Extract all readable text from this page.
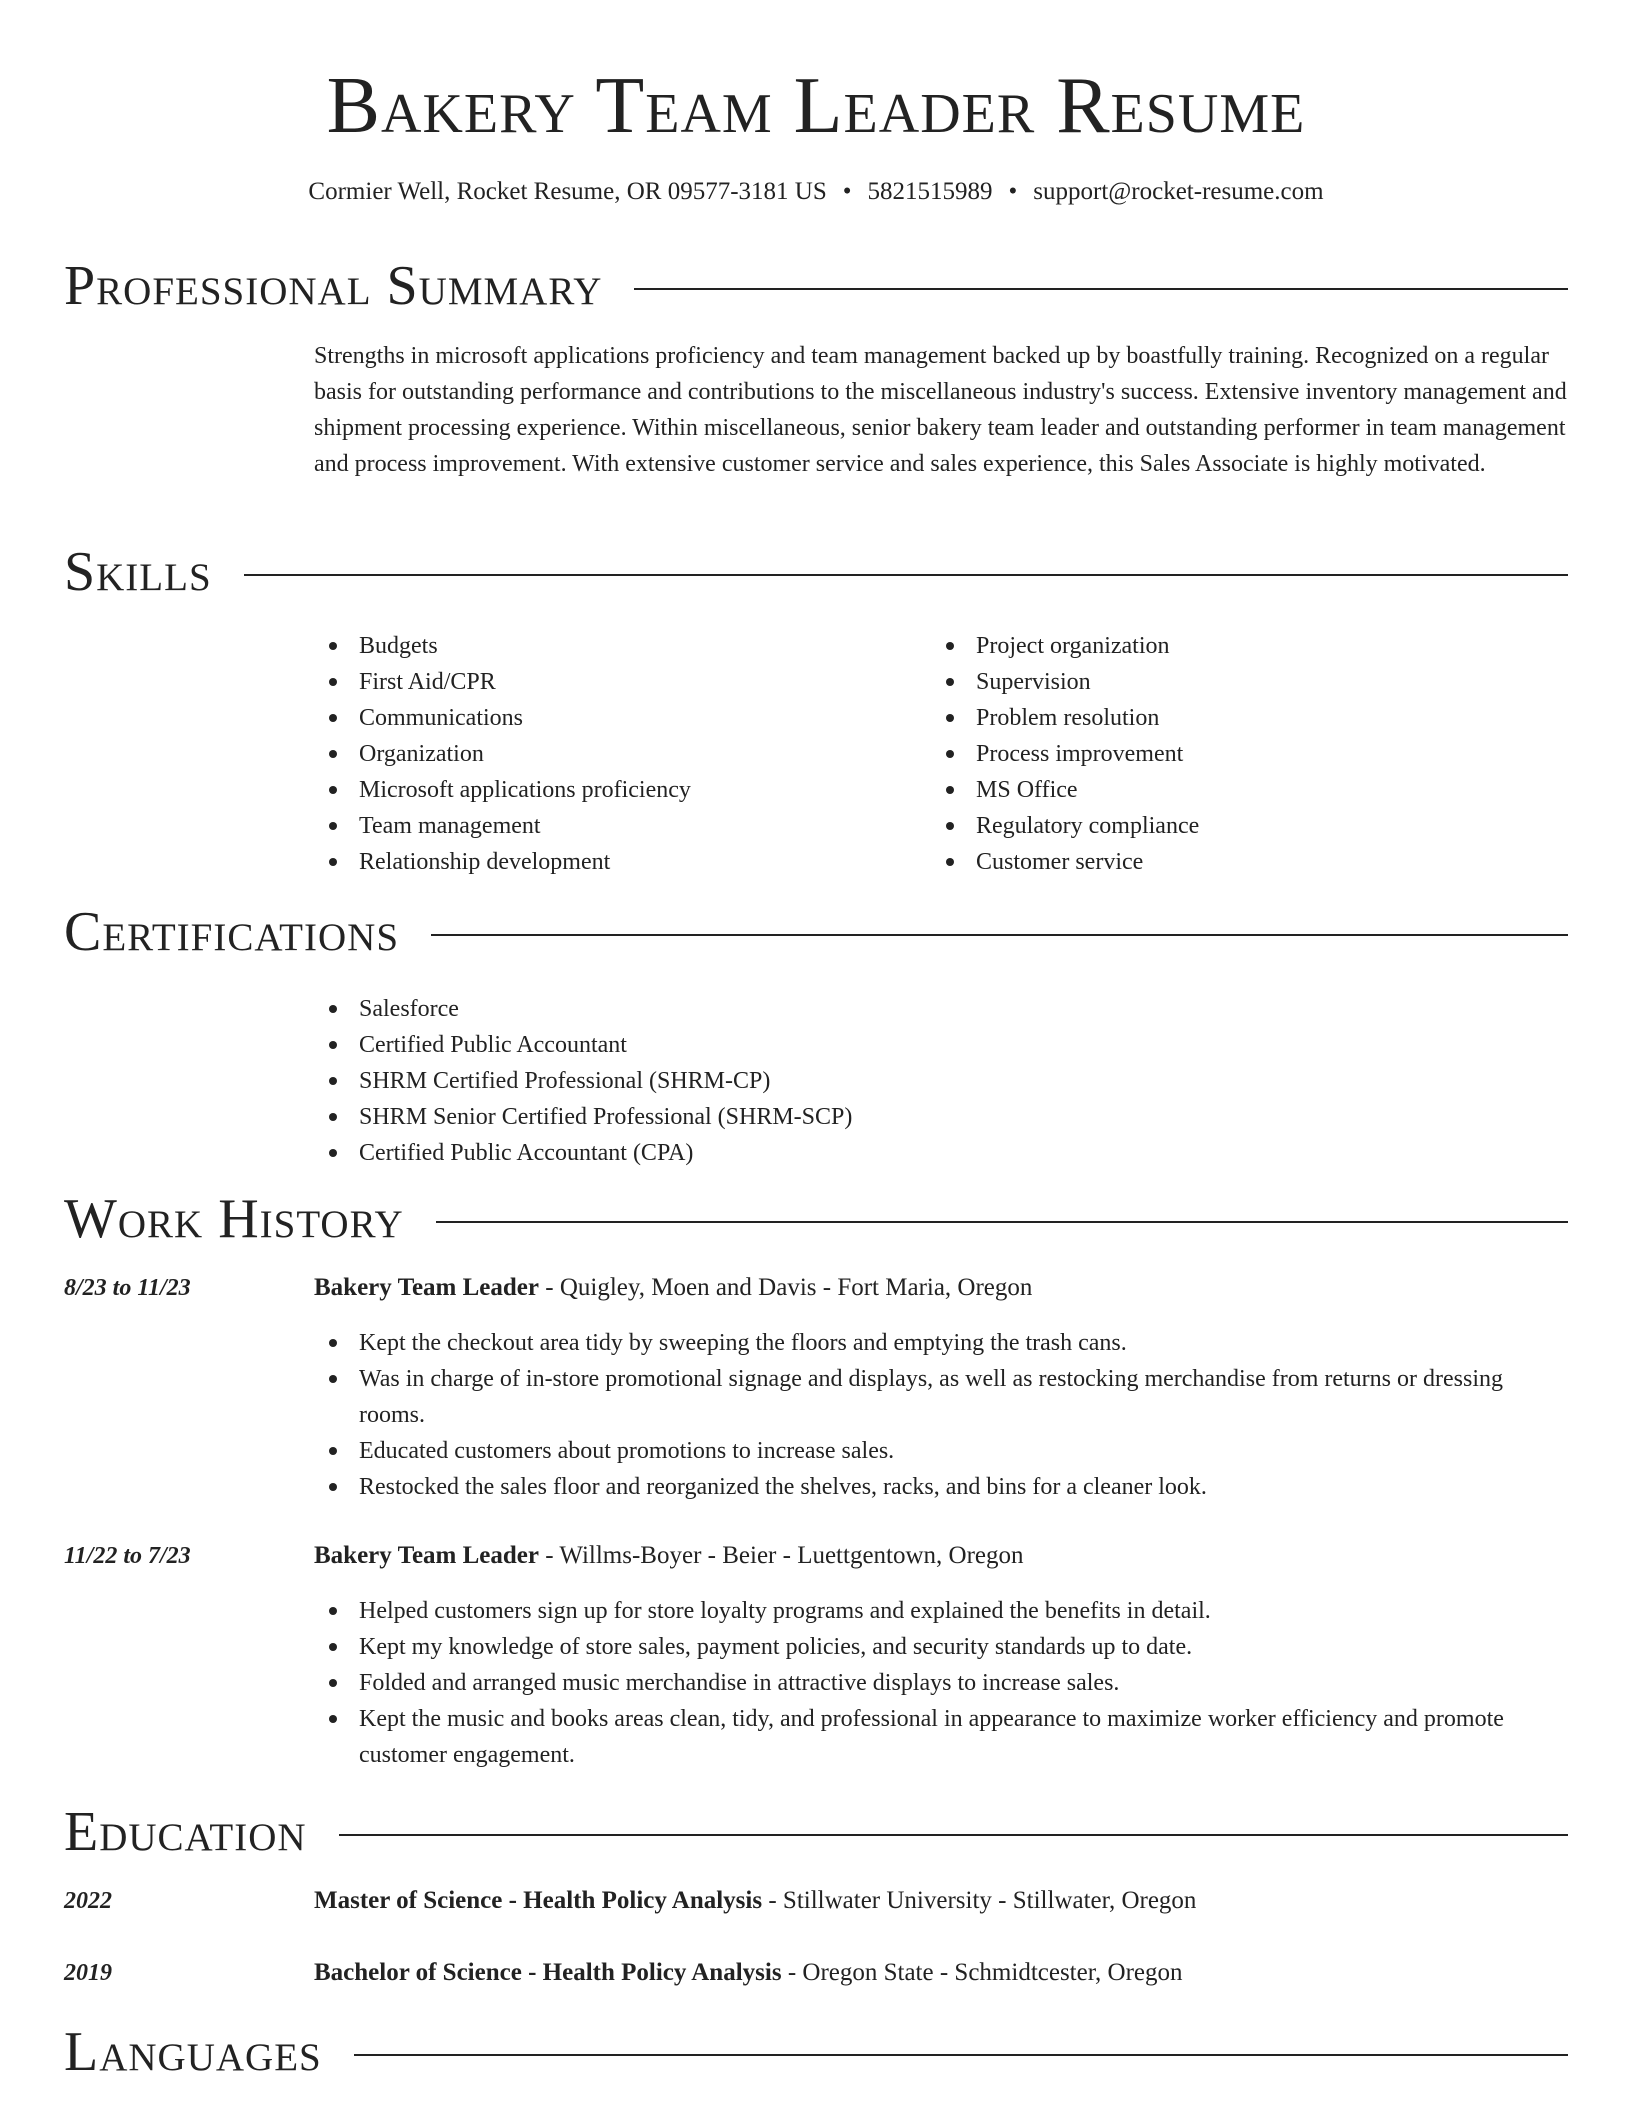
Bakery Team Leader Resume
Cormier Well, Rocket Resume, OR 09577-3181 US • 5821515989 • support@rocket-resume.com
Professional Summary
Strengths in microsoft applications proficiency and team management backed up by boastfully training. Recognized on a regular basis for outstanding performance and contributions to the miscellaneous industry's success. Extensive inventory management and shipment processing experience. Within miscellaneous, senior bakery team leader and outstanding performer in team management and process improvement. With extensive customer service and sales experience, this Sales Associate is highly motivated.
Skills
Budgets
First Aid/CPR
Communications
Organization
Microsoft applications proficiency
Team management
Relationship development
Project organization
Supervision
Problem resolution
Process improvement
MS Office
Regulatory compliance
Customer service
Certifications
Salesforce
Certified Public Accountant
SHRM Certified Professional (SHRM-CP)
SHRM Senior Certified Professional (SHRM-SCP)
Certified Public Accountant (CPA)
Work History
8/23 to 11/23	Bakery Team Leader - Quigley, Moen and Davis - Fort Maria, Oregon
Kept the checkout area tidy by sweeping the floors and emptying the trash cans.
Was in charge of in-store promotional signage and displays, as well as restocking merchandise from returns or dressing rooms.
Educated customers about promotions to increase sales.
Restocked the sales floor and reorganized the shelves, racks, and bins for a cleaner look.
11/22 to 7/23	Bakery Team Leader - Willms-Boyer - Beier - Luettgentown, Oregon
Helped customers sign up for store loyalty programs and explained the benefits in detail.
Kept my knowledge of store sales, payment policies, and security standards up to date.
Folded and arranged music merchandise in attractive displays to increase sales.
Kept the music and books areas clean, tidy, and professional in appearance to maximize worker efficiency and promote customer engagement.
Education
2022	Master of Science - Health Policy Analysis - Stillwater University - Stillwater, Oregon
2019	Bachelor of Science - Health Policy Analysis - Oregon State - Schmidtcester, Oregon
Languages
